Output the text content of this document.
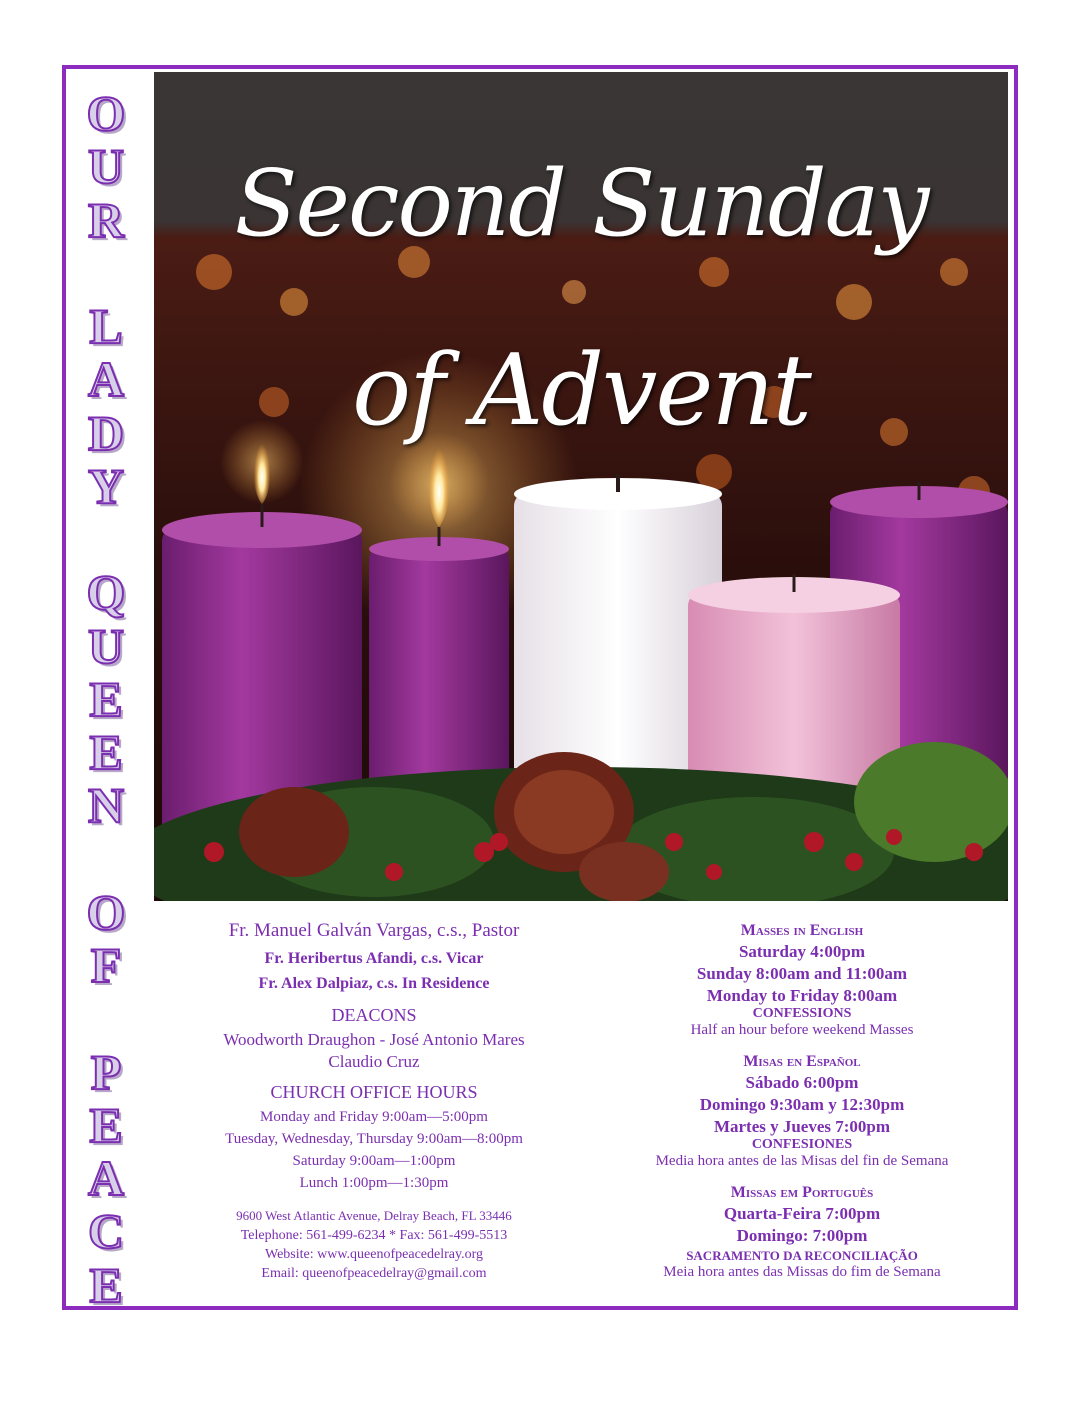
O
U
R
L
A
D
Y
Q
U
E
E
N
O
F
P
E
A
C
E
Second Sunday
of Advent
Fr. Manuel Galván Vargas, c.s., Pastor
Fr. Heribertus Afandi, c.s. Vicar
Fr. Alex Dalpiaz, c.s. In Residence
DEACONS
Woodworth Draughon - José Antonio Mares
Claudio Cruz
CHURCH OFFICE HOURS
Monday and Friday 9:00am—5:00pm
Tuesday, Wednesday, Thursday 9:00am—8:00pm
Saturday 9:00am—1:00pm
Lunch 1:00pm—1:30pm
9600 West Atlantic Avenue, Delray Beach, FL 33446
Telephone: 561-499-6234 * Fax: 561-499-5513
Website: www.queenofpeacedelray.org
Email: queenofpeacedelray@gmail.com
Masses in English
Saturday 4:00pm
Sunday 8:00am and 11:00am
Monday to Friday 8:00am
CONFESSIONS
Half an hour before weekend Masses
Misas en Español
Sábado 6:00pm
Domingo 9:30am y 12:30pm
Martes y Jueves 7:00pm
CONFESIONES
Media hora antes de las Misas del fin de Semana
Missas em Português
Quarta-Feira 7:00pm
Domingo: 7:00pm
SACRAMENTO DA RECONCILIAÇÃO
Meia hora antes das Missas do fim de Semana
